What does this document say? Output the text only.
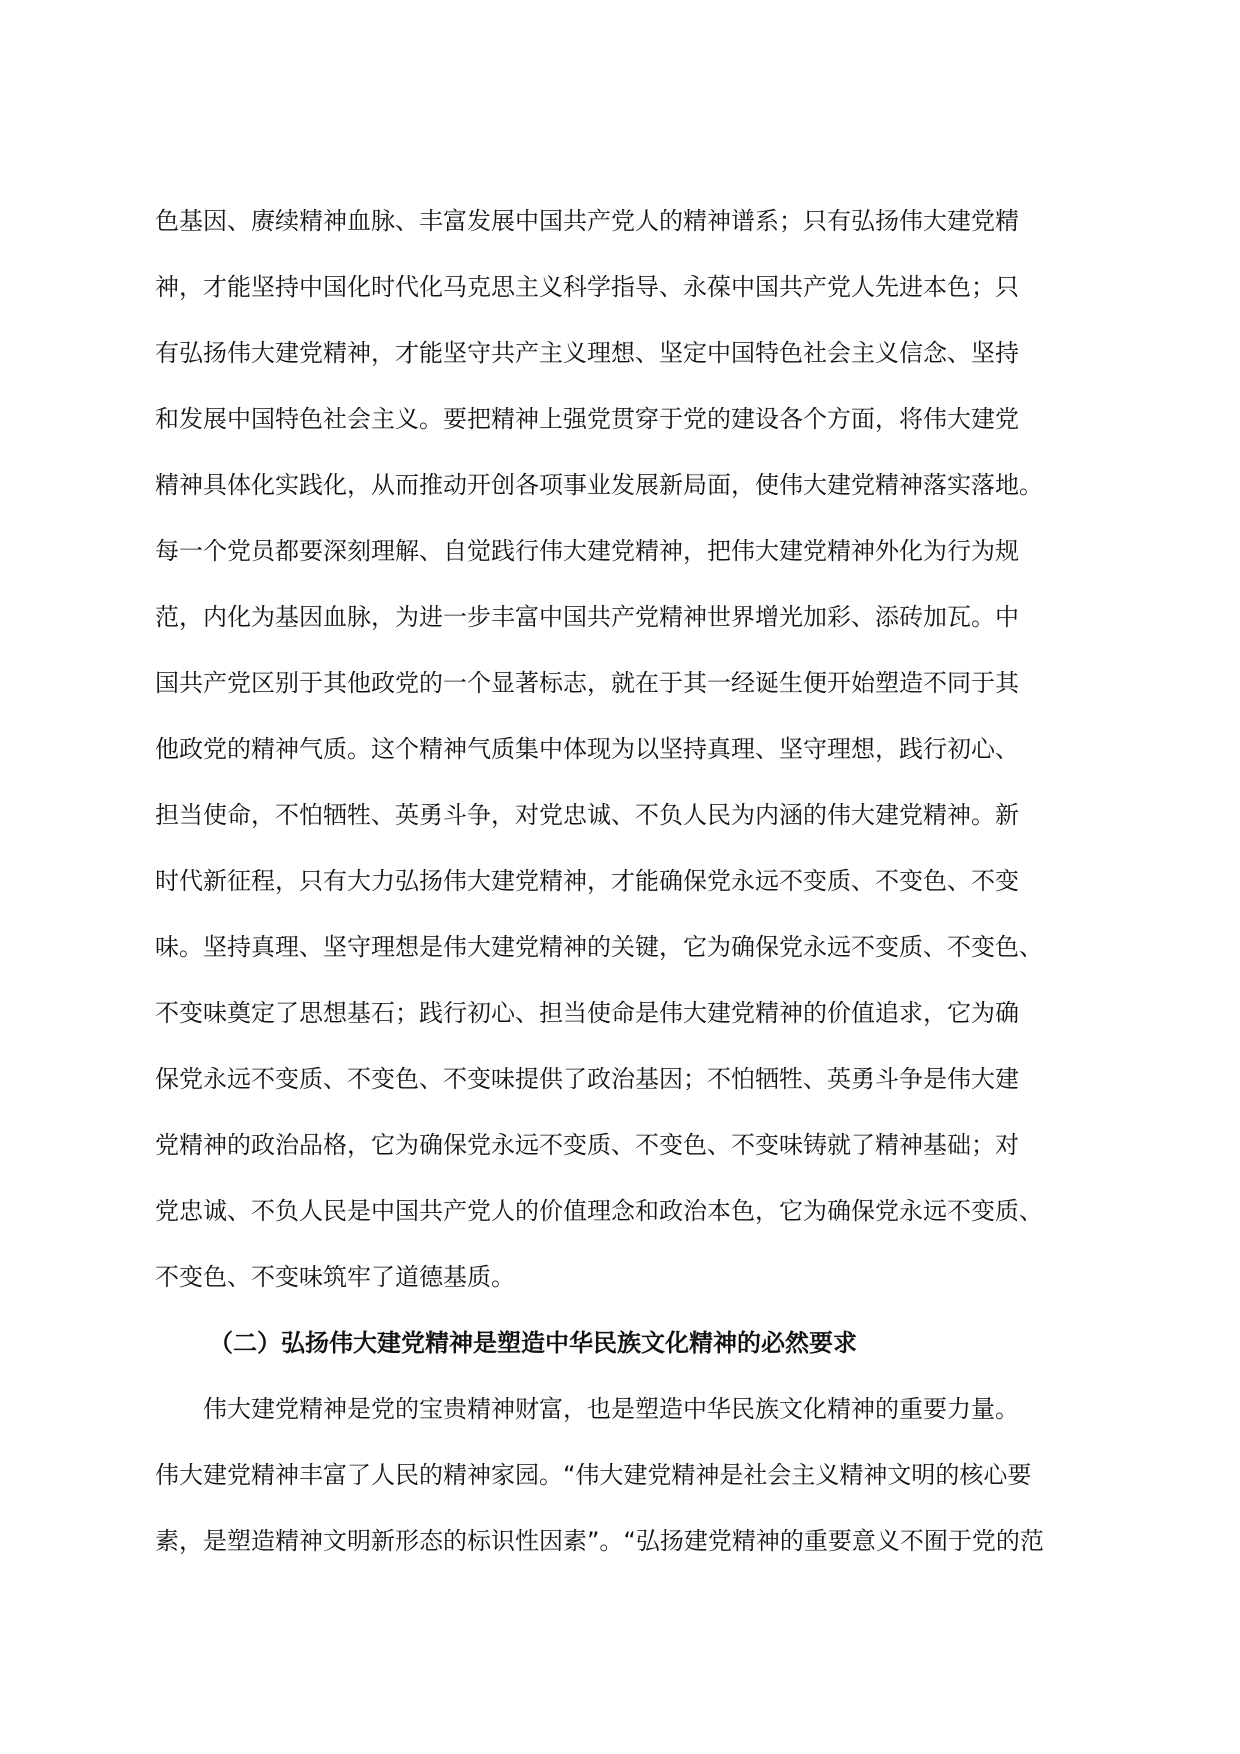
色基因、赓续精神血脉、丰富发展中国共产党人的精神谱系；只有弘扬伟大建党精
神，才能坚持中国化时代化马克思主义科学指导、永葆中国共产党人先进本色；只
有弘扬伟大建党精神，才能坚守共产主义理想、坚定中国特色社会主义信念、坚持
和发展中国特色社会主义。要把精神上强党贯穿于党的建设各个方面，将伟大建党
精神具体化实践化，从而推动开创各项事业发展新局面，使伟大建党精神落实落地。
每一个党员都要深刻理解、自觉践行伟大建党精神，把伟大建党精神外化为行为规
范，内化为基因血脉，为进一步丰富中国共产党精神世界增光加彩、添砖加瓦。中
国共产党区别于其他政党的一个显著标志，就在于其一经诞生便开始塑造不同于其
他政党的精神气质。这个精神气质集中体现为以坚持真理、坚守理想，践行初心、
担当使命，不怕牺牲、英勇斗争，对党忠诚、不负人民为内涵的伟大建党精神。新
时代新征程，只有大力弘扬伟大建党精神，才能确保党永远不变质、不变色、不变
味。坚持真理、坚守理想是伟大建党精神的关键，它为确保党永远不变质、不变色、
不变味奠定了思想基石；践行初心、担当使命是伟大建党精神的价值追求，它为确
保党永远不变质、不变色、不变味提供了政治基因；不怕牺牲、英勇斗争是伟大建
党精神的政治品格，它为确保党永远不变质、不变色、不变味铸就了精神基础；对
党忠诚、不负人民是中国共产党人的价值理念和政治本色，它为确保党永远不变质、
不变色、不变味筑牢了道德基质。
（二）弘扬伟大建党精神是塑造中华民族文化精神的必然要求
伟大建党精神是党的宝贵精神财富，也是塑造中华民族文化精神的重要力量。
伟大建党精神丰富了人民的精神家园。“伟大建党精神是社会主义精神文明的核心要
素，是塑造精神文明新形态的标识性因素”。“弘扬建党精神的重要意义不囿于党的范
